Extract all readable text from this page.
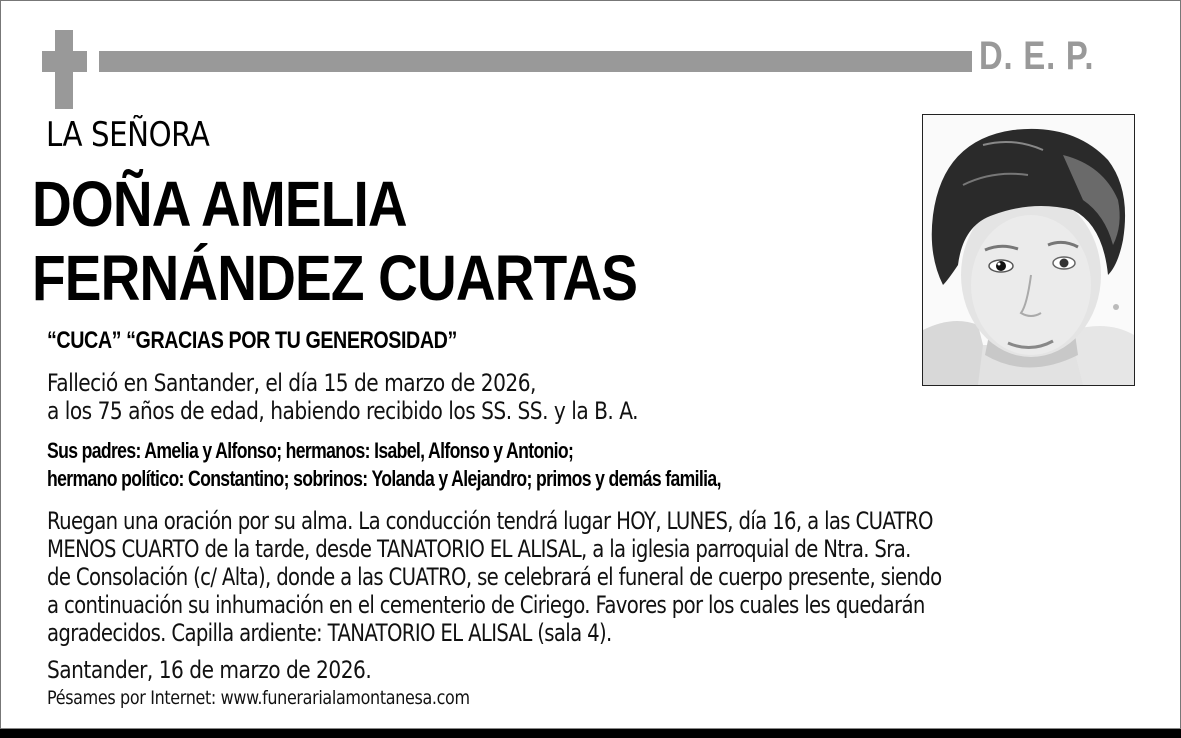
D. E. P.
LA SEÑORA
DOÑA AMELIA
FERNÁNDEZ CUARTAS
“CUCA” “GRACIAS POR TU GENEROSIDAD”
Falleció en Santander, el día 15 de marzo de 2026,
a los 75 años de edad, habiendo recibido los SS. SS. y la B. A.
Sus padres: Amelia y Alfonso; hermanos: Isabel, Alfonso y Antonio;
hermano político: Constantino; sobrinos: Yolanda y Alejandro; primos y demás familia,
Ruegan una oración por su alma. La conducción tendrá lugar HOY, LUNES, día 16, a las CUATRO
MENOS CUARTO de la tarde, desde TANATORIO EL ALISAL, a la iglesia parroquial de Ntra. Sra.
de Consolación (c/ Alta), donde a las CUATRO, se celebrará el funeral de cuerpo presente, siendo
a continuación su inhumación en el cementerio de Ciriego. Favores por los cuales les quedarán
agradecidos. Capilla ardiente: TANATORIO EL ALISAL (sala 4).
Santander, 16 de marzo de 2026.
Pésames por Internet: www.funerarialamontanesa.com
